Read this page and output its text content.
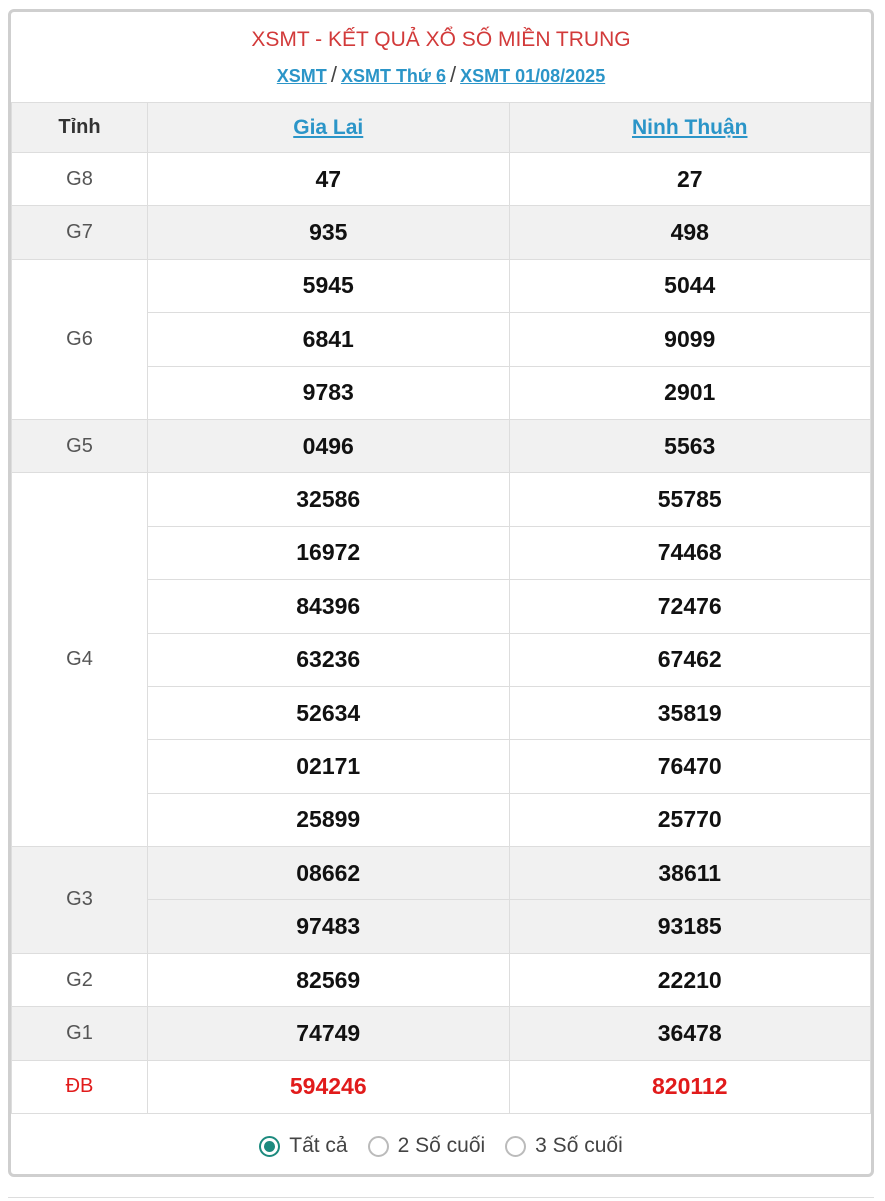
XSMT - KẾT QUẢ XỔ SỐ MIỀN TRUNG
XSMT / XSMT Thứ 6 / XSMT 01/08/2025
Tỉnh	Gia Lai	Ninh Thuận
G8	47	27
G7	935	498
G6	5945	5044
	6841	9099
	9783	2901
G5	0496	5563
G4	32586	55785
	16972	74468
	84396	72476
	63236	67462
	52634	35819
	02171	76470
	25899	25770
G3	08662	38611
	97483	93185
G2	82569	22210
G1	74749	36478
ĐB	594246	820112
Tất cả 2 Số cuối 3 Số cuối
